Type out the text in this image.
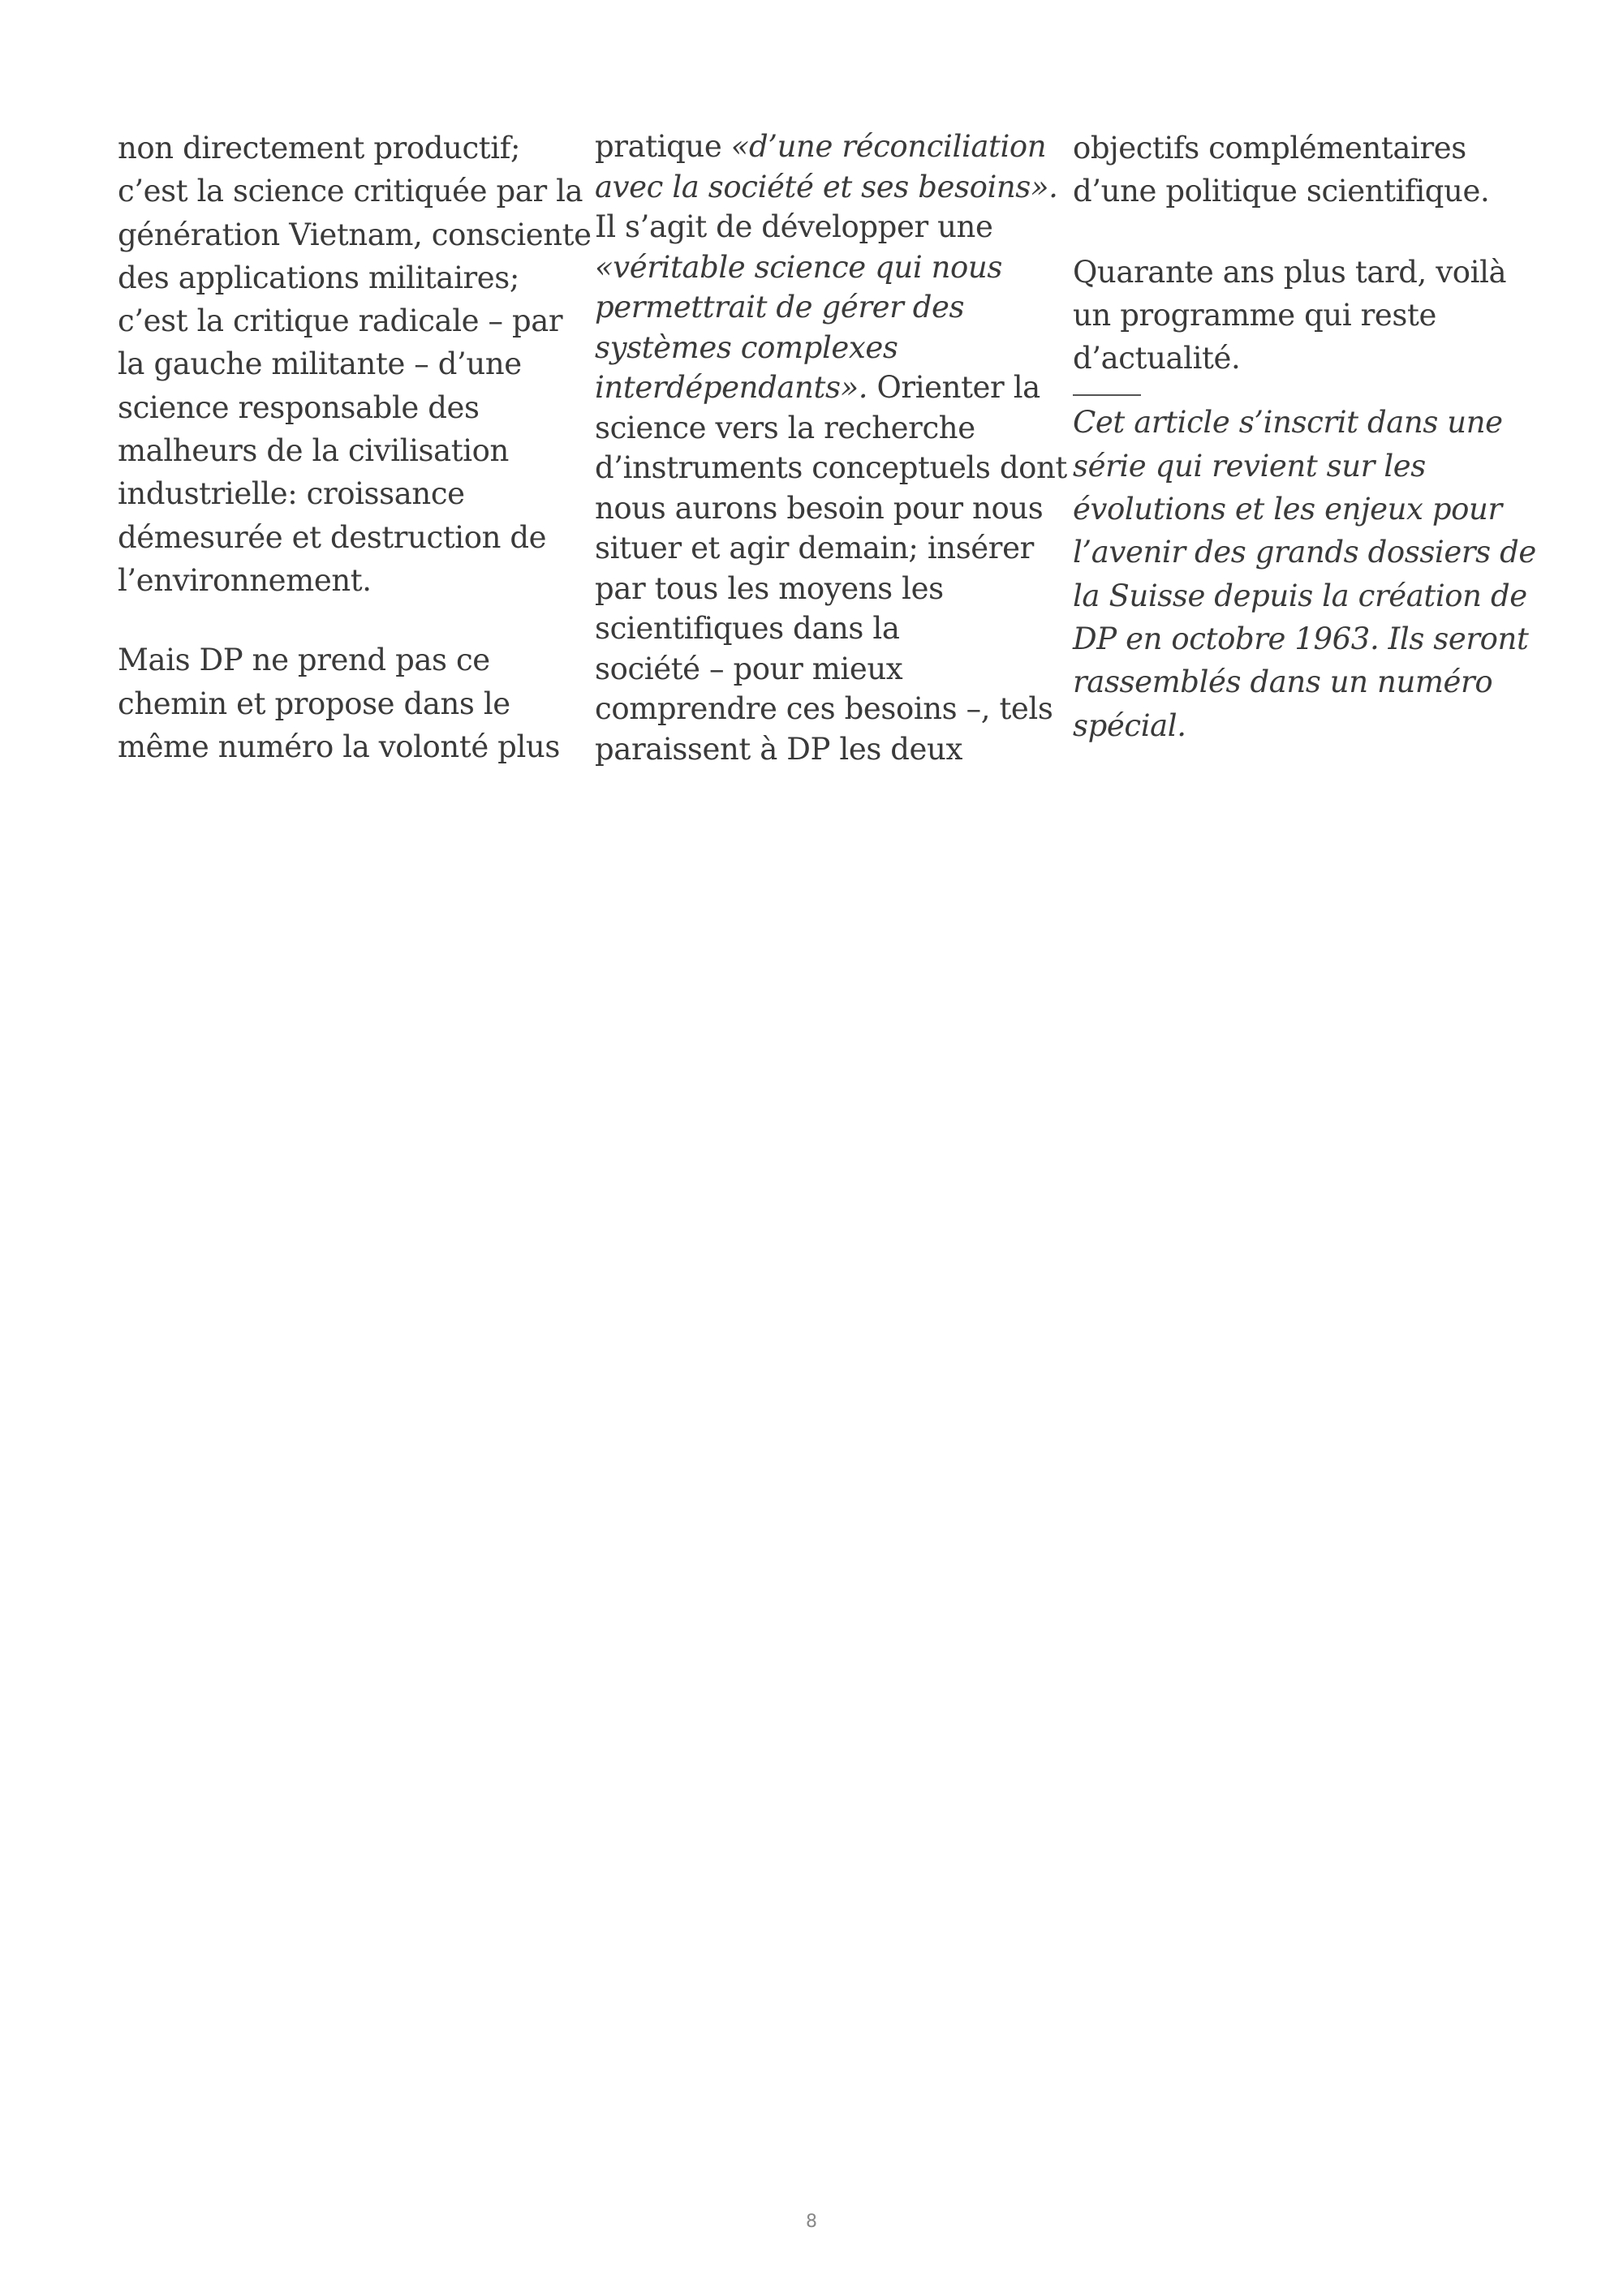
non directement productif;
c’est la science critiquée par la
génération Vietnam, consciente
des applications militaires;
c’est la critique radicale – par
la gauche militante – d’une
science responsable des
malheurs de la civilisation
industrielle: croissance
démesurée et destruction de
l’environnement.
Mais DP ne prend pas ce
chemin et propose dans le
même numéro la volonté plus
pratique «d’une réconciliation
avec la société et ses besoins».
Il s’agit de développer une
«véritable science qui nous
permettrait de gérer des
systèmes complexes
interdépendants». Orienter la
science vers la recherche
d’instruments conceptuels dont
nous aurons besoin pour nous
situer et agir demain; insérer
par tous les moyens les
scientifiques dans la
société – pour mieux
comprendre ces besoins –, tels
paraissent à DP les deux
objectifs complémentaires
d’une politique scientifique.
Quarante ans plus tard, voilà
un programme qui reste
d’actualité.
Cet article s’inscrit dans une
série qui revient sur les
évolutions et les enjeux pour
l’avenir des grands dossiers de
la Suisse depuis la création de
DP en octobre 1963. Ils seront
rassemblés dans un numéro
spécial.
8
